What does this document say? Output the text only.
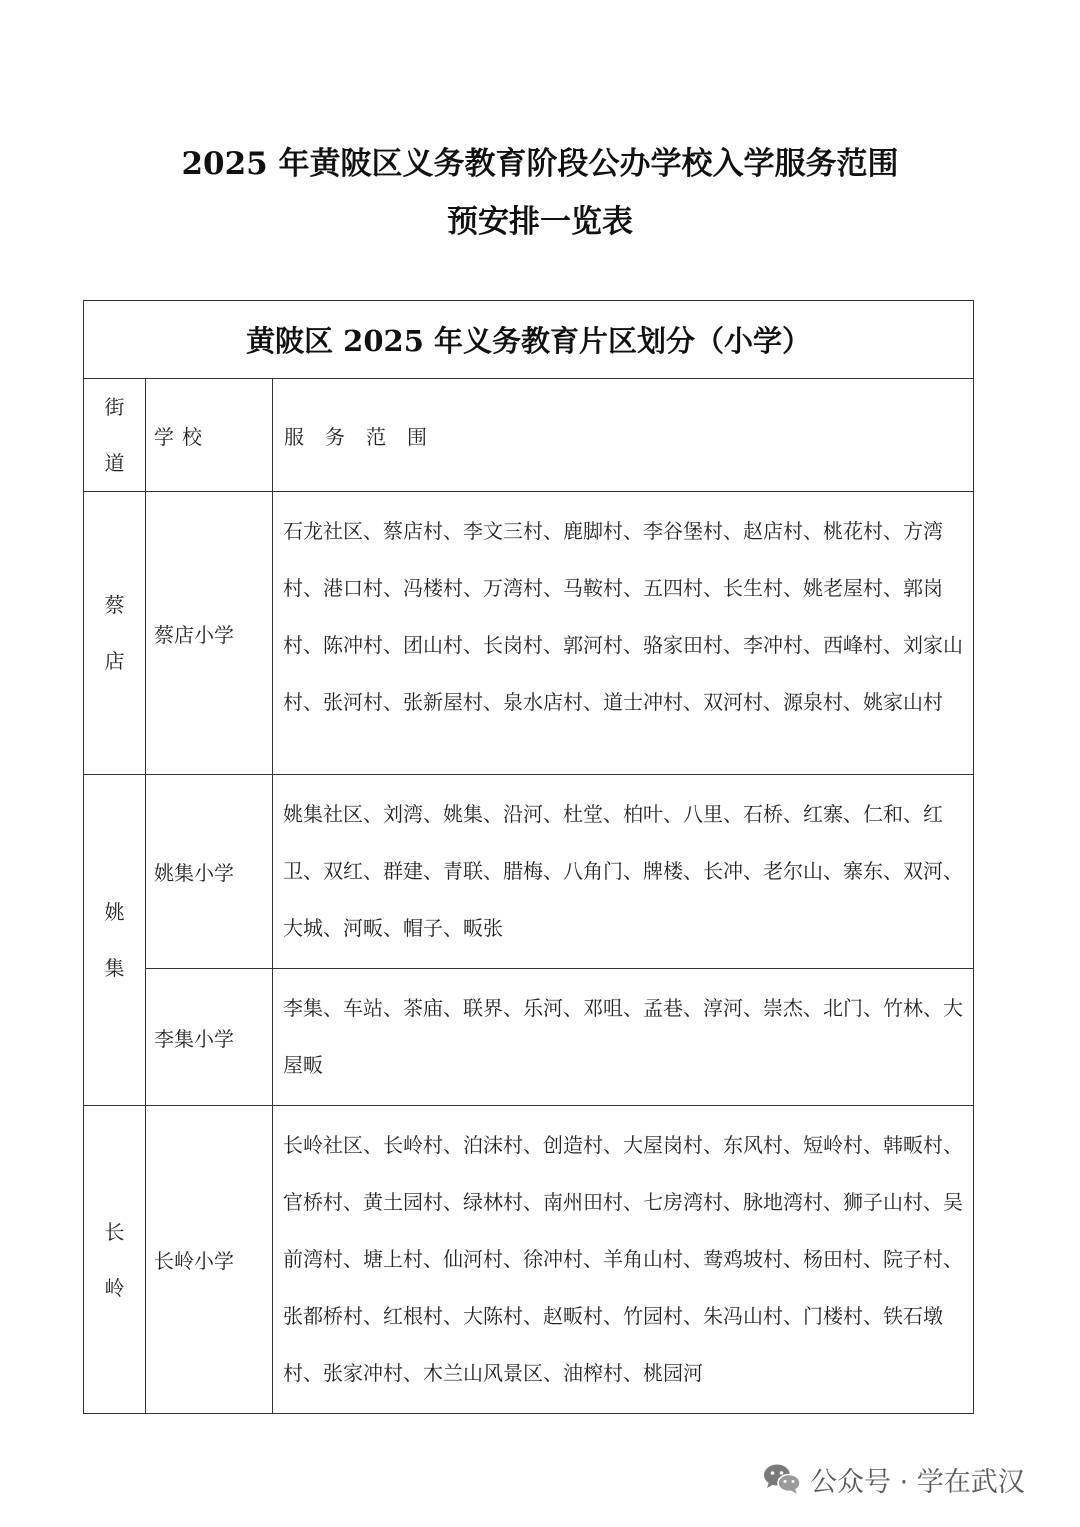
2025 年黄陂区义务教育阶段公办学校入学服务范围
预安排一览表
黄陂区 2025 年义务教育片区划分（小学）		

街
道	学校	服务范围

蔡
店	蔡店小学	石龙社区、蔡店村、李文三村、鹿脚村、李谷堡村、赵店村、桃花村、方湾村、港口村、冯楼村、万湾村、马鞍村、五四村、长生村、姚老屋村、郭岗村、陈冲村、团山村、长岗村、郭河村、骆家田村、李冲村、西峰村、刘家山村、张河村、张新屋村、泉水店村、道士冲村、双河村、源泉村、姚家山村

姚
集	姚集小学	姚集社区、刘湾、姚集、沿河、杜堂、柏叶、八里、石桥、红寨、仁和、红卫、双红、群建、青联、腊梅、八角门、牌楼、长冲、老尔山、寨东、双河、大城、河畈、帽子、畈张
	李集小学	李集、车站、茶庙、联界、乐河、邓咀、孟巷、淳河、崇杰、北门、竹林、大屋畈

长
岭	长岭小学	长岭社区、长岭村、泊沫村、创造村、大屋岗村、东风村、短岭村、韩畈村、官桥村、黄土园村、绿林村、南州田村、七房湾村、脉地湾村、狮子山村、吴前湾村、塘上村、仙河村、徐冲村、羊角山村、鸯鸡坡村、杨田村、院子村、张都桥村、红根村、大陈村、赵畈村、竹园村、朱冯山村、门楼村、铁石墩村、张家冲村、木兰山风景区、油榨村、桃园河
公众号 · 学在武汉
